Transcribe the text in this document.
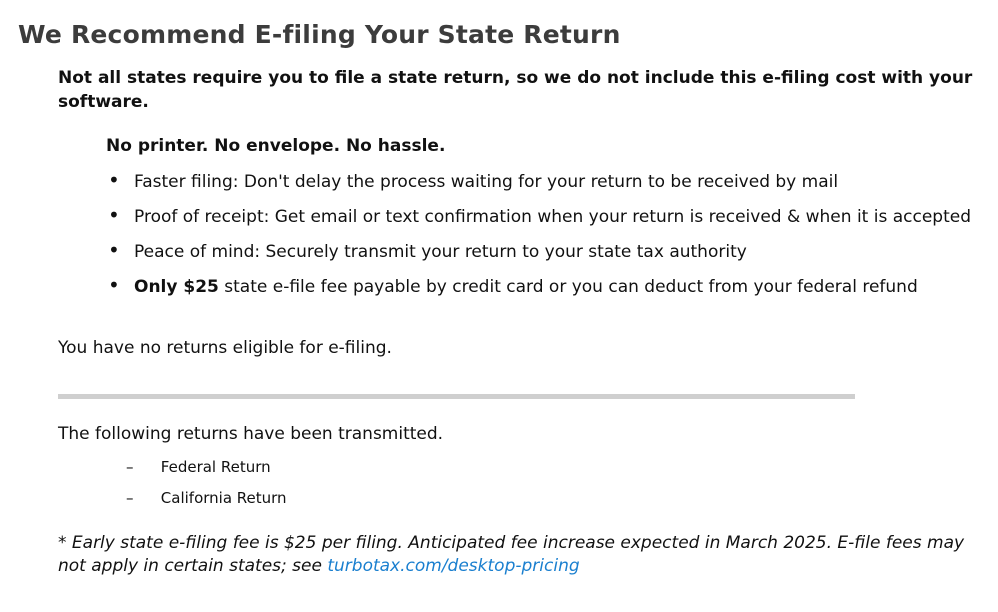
We Recommend E-filing Your State Return

Not all states require you to file a state return, so we do not include this e-filing cost with your software.

No printer. No envelope. No hassle.

• Faster filing: Don't delay the process waiting for your return to be received by mail
• Proof of receipt: Get email or text confirmation when your return is received & when it is accepted
• Peace of mind: Securely transmit your return to your state tax authority
• Only $25 state e-file fee payable by credit card or you can deduct from your federal refund

You have no returns eligible for e-filing.

The following returns have been transmitted.

– Federal Return
– California Return

* Early state e-filing fee is $25 per filing. Anticipated fee increase expected in March 2025. E-file fees may not apply in certain states; see turbotax.com/desktop-pricing
